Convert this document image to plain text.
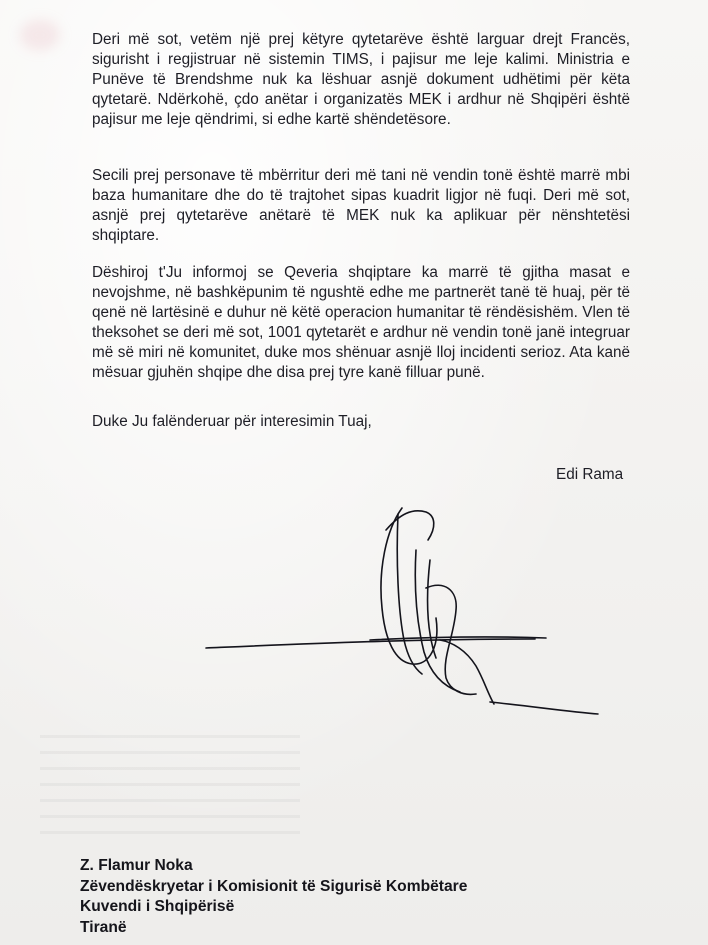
Deri më sot, vetëm një prej këtyre qytetarëve është larguar drejt Francës, sigurisht i regjistruar në sistemin TIMS, i pajisur me leje kalimi. Ministria e Punëve të Brendshme nuk ka lëshuar asnjë dokument udhëtimi për këta qytetarë. Ndërkohë, çdo anëtar i organizatës MEK i ardhur në Shqipëri është pajisur me leje qëndrimi, si edhe kartë shëndetësore.

Secili prej personave të mbërritur deri më tani në vendin tonë është marrë mbi baza humanitare dhe do të trajtohet sipas kuadrit ligjor në fuqi. Deri më sot, asnjë prej qytetarëve anëtarë të MEK nuk ka aplikuar për nënshtetësi shqiptare.

Dëshiroj t'Ju informoj se Qeveria shqiptare ka marrë të gjitha masat e nevojshme, në bashkëpunim të ngushtë edhe me partnerët tanë të huaj, për të qenë në lartësinë e duhur në këtë operacion humanitar të rëndësishëm. Vlen të theksohet se deri më sot, 1001 qytetarët e ardhur në vendin tonë janë integruar më së miri në komunitet, duke mos shënuar asnjë lloj incidenti serioz. Ata kanë mësuar gjuhën shqipe dhe disa prej tyre kanë filluar punë.

Duke Ju falënderuar për interesimin Tuaj,

Edi Rama

Z. Flamur Noka
Zëvendëskryetar i Komisionit të Sigurisë Kombëtare
Kuvendi i Shqipërisë
Tiranë
